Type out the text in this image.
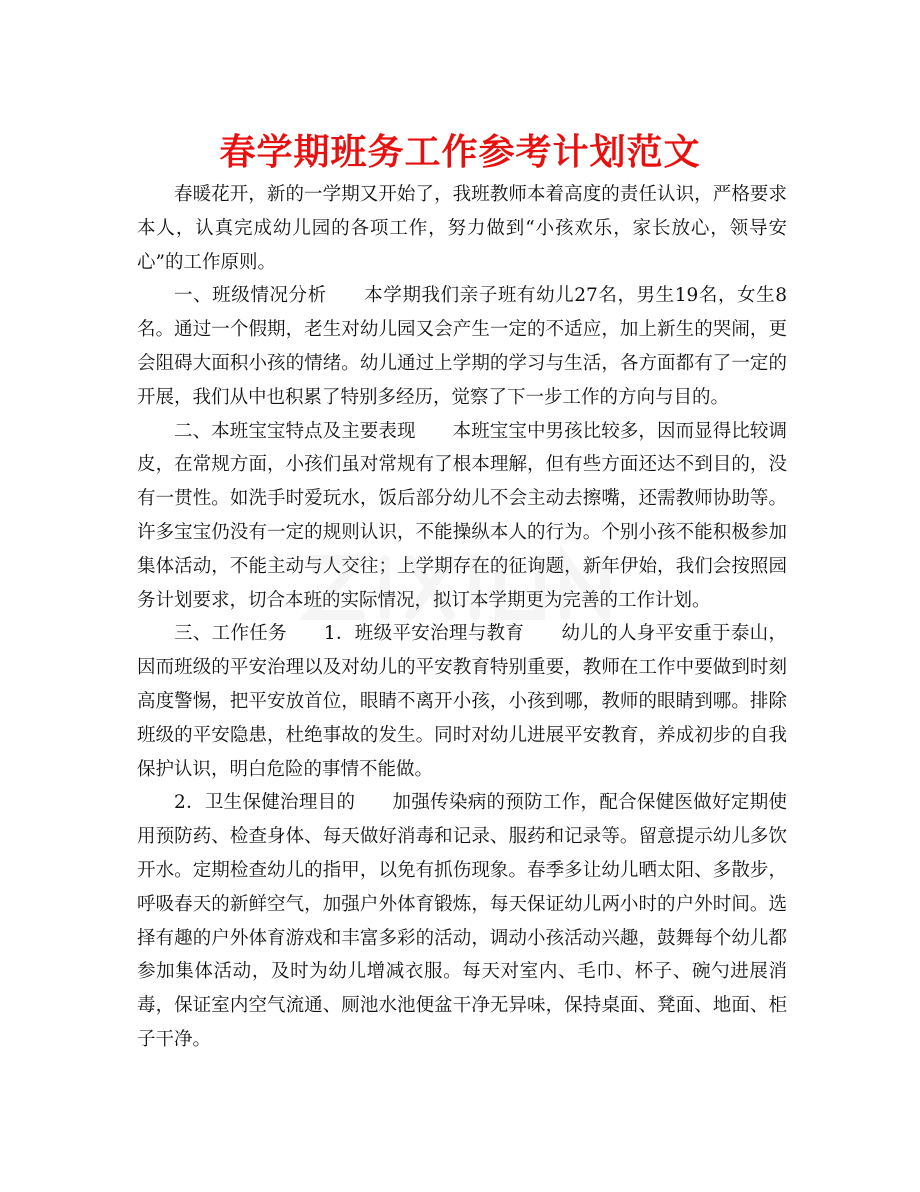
春学期班务工作参考计划范文

春暖花开，新的一学期又开始了，我班教师本着高度的责任认识，严格要求本人，认真完成幼儿园的各项工作，努力做到“小孩欢乐，家长放心，领导安心”的工作原则。

一、班级情况分析 本学期我们亲子班有幼儿27名，男生19名，女生8名。通过一个假期，老生对幼儿园又会产生一定的不适应，加上新生的哭闹，更会阻碍大面积小孩的情绪。幼儿通过上学期的学习与生活，各方面都有了一定的开展，我们从中也积累了特别多经历，觉察了下一步工作的方向与目的。

二、本班宝宝特点及主要表现 本班宝宝中男孩比较多，因而显得比较调皮，在常规方面，小孩们虽对常规有了根本理解，但有些方面还达不到目的，没有一贯性。如洗手时爱玩水，饭后部分幼儿不会主动去擦嘴，还需教师协助等。许多宝宝仍没有一定的规则认识，不能操纵本人的行为。个别小孩不能积极参加集体活动，不能主动与人交往；上学期存在的征询题，新年伊始，我们会按照园务计划要求，切合本班的实际情况，拟订本学期更为完善的工作计划。

三、工作任务 1．班级平安治理与教育 幼儿的人身平安重于泰山，因而班级的平安治理以及对幼儿的平安教育特别重要，教师在工作中要做到时刻高度警惕，把平安放首位，眼睛不离开小孩，小孩到哪，教师的眼睛到哪。排除班级的平安隐患，杜绝事故的发生。同时对幼儿进展平安教育，养成初步的自我保护认识，明白危险的事情不能做。

2．卫生保健治理目的 加强传染病的预防工作，配合保健医做好定期使用预防药、检查身体、每天做好消毒和记录、服药和记录等。留意提示幼儿多饮开水。定期检查幼儿的指甲，以免有抓伤现象。春季多让幼儿晒太阳、多散步，呼吸春天的新鲜空气，加强户外体育锻炼，每天保证幼儿两小时的户外时间。选择有趣的户外体育游戏和丰富多彩的活动，调动小孩活动兴趣，鼓舞每个幼儿都参加集体活动，及时为幼儿增减衣服。每天对室内、毛巾、杯子、碗勺进展消毒，保证室内空气流通、厕池水池便盆干净无异味，保持桌面、凳面、地面、柜子干净。
